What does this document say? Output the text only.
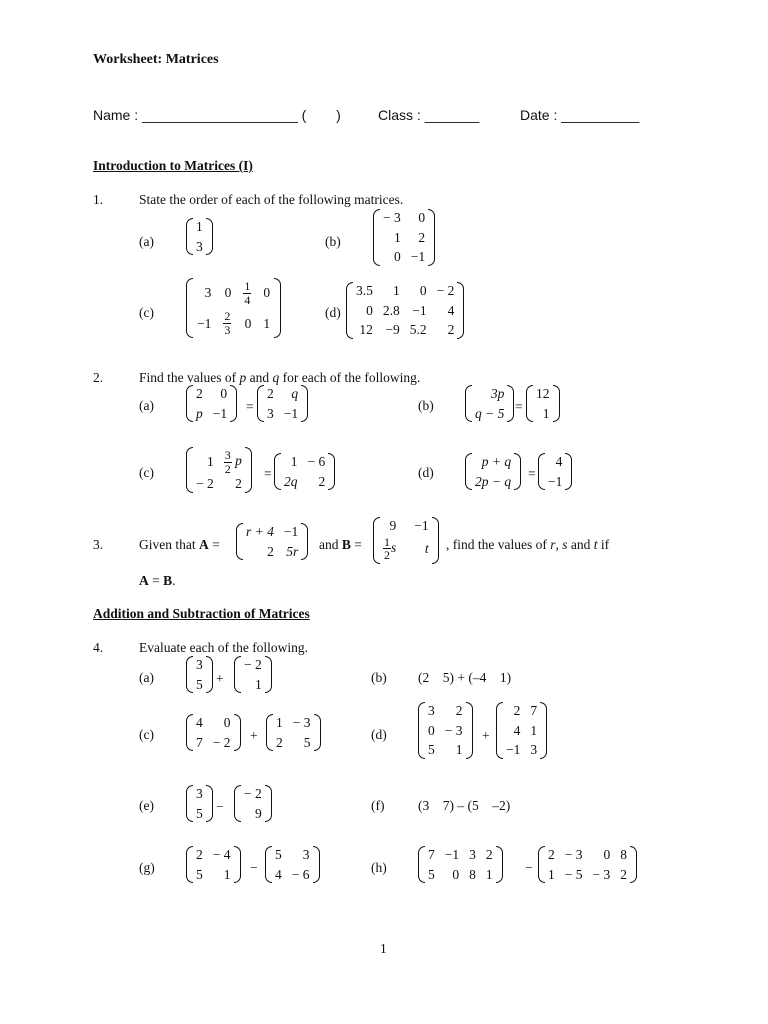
Worksheet: Matrices
Name : ____________________ ( )	Class : _______	Date : __________
Introduction to Matrices (I)
1.	State the order of each of the following matrices.
(a)
1
3	(b)
− 3 0
1 2
0 −1
(c)
3 $0 \frac{1}{4} 0$
$-1 \frac{2}{3} 0$ 1
(d)
3.5 1 0 − 2
0 2.8 −1 4
12 −9 5.2 2
2.	Find the values of p and q for each of the following.
(a)
2 0
p −1 =
2 q
3 −1	(b)
3p
q − 5 =
12
1
(c)
$1 \frac{3}{2}$ p
− 2 2
=
1 − 6
2q 2
(d)
p + q
2p − q =
4
−1
3.	Given that A =
r + 4 −1
2 5r and B =
9 −1
$\frac{1}{2}$ s t , find the values of r, s and t if
A = B.
Addition and Subtraction of Matrices
4.	Evaluate each of the following.
(a)
3
5 +
− 2
1	(b) (2    5) + (–4    1)
(c)
4 0
7 − 2 +
1 − 3
2 5	(d)
3 2
0 − 3
5 1
+
2 7
4 1
−1 3
(e)
3
5 −
− 2
9	(f) (3    7) – (5    –2)
(g)
2 − 4
5 1 −
5 3
4 − 6	(h)
7 −1 3 2
5 0 8 1 −
2 − 3 0 8
1 − 5 − 3 2
1
